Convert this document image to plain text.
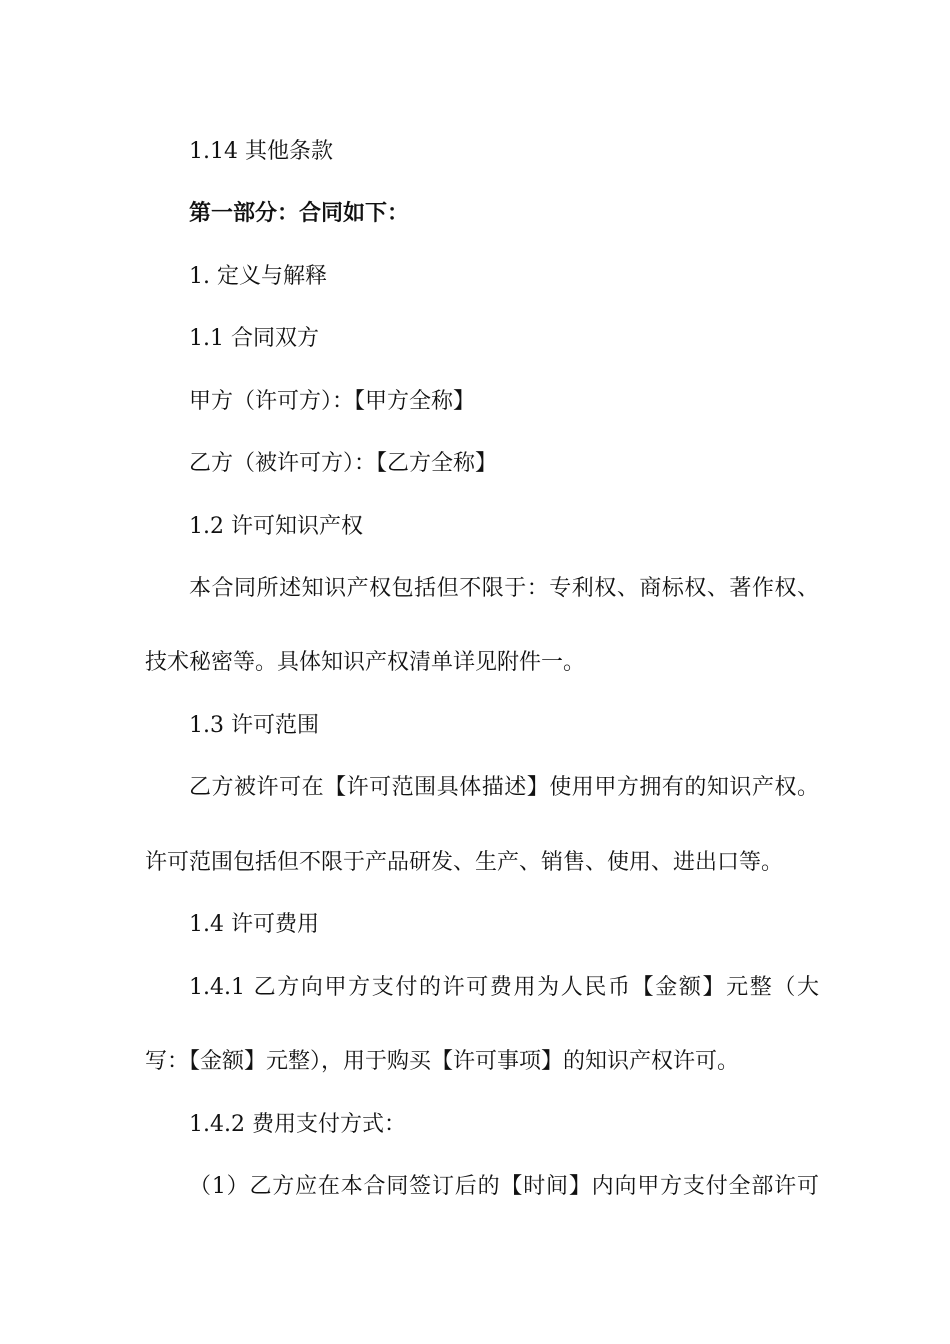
1.14 其他条款

第一部分：合同如下：

1. 定义与解释

1.1 合同双方

甲方（许可方）：【甲方全称】

乙方（被许可方）：【乙方全称】

1.2 许可知识产权

本合同所述知识产权包括但不限于：专利权、商标权、著作权、

技术秘密等。具体知识产权清单详见附件一。

1.3 许可范围

乙方被许可在【许可范围具体描述】使用甲方拥有的知识产权。

许可范围包括但不限于产品研发、生产、销售、使用、进出口等。

1.4 许可费用

1.4.1 乙方向甲方支付的许可费用为人民币【金额】元整（大

写：【金额】元整），用于购买【许可事项】的知识产权许可。

1.4.2 费用支付方式：

（1）乙方应在本合同签订后的【时间】内向甲方支付全部许可
